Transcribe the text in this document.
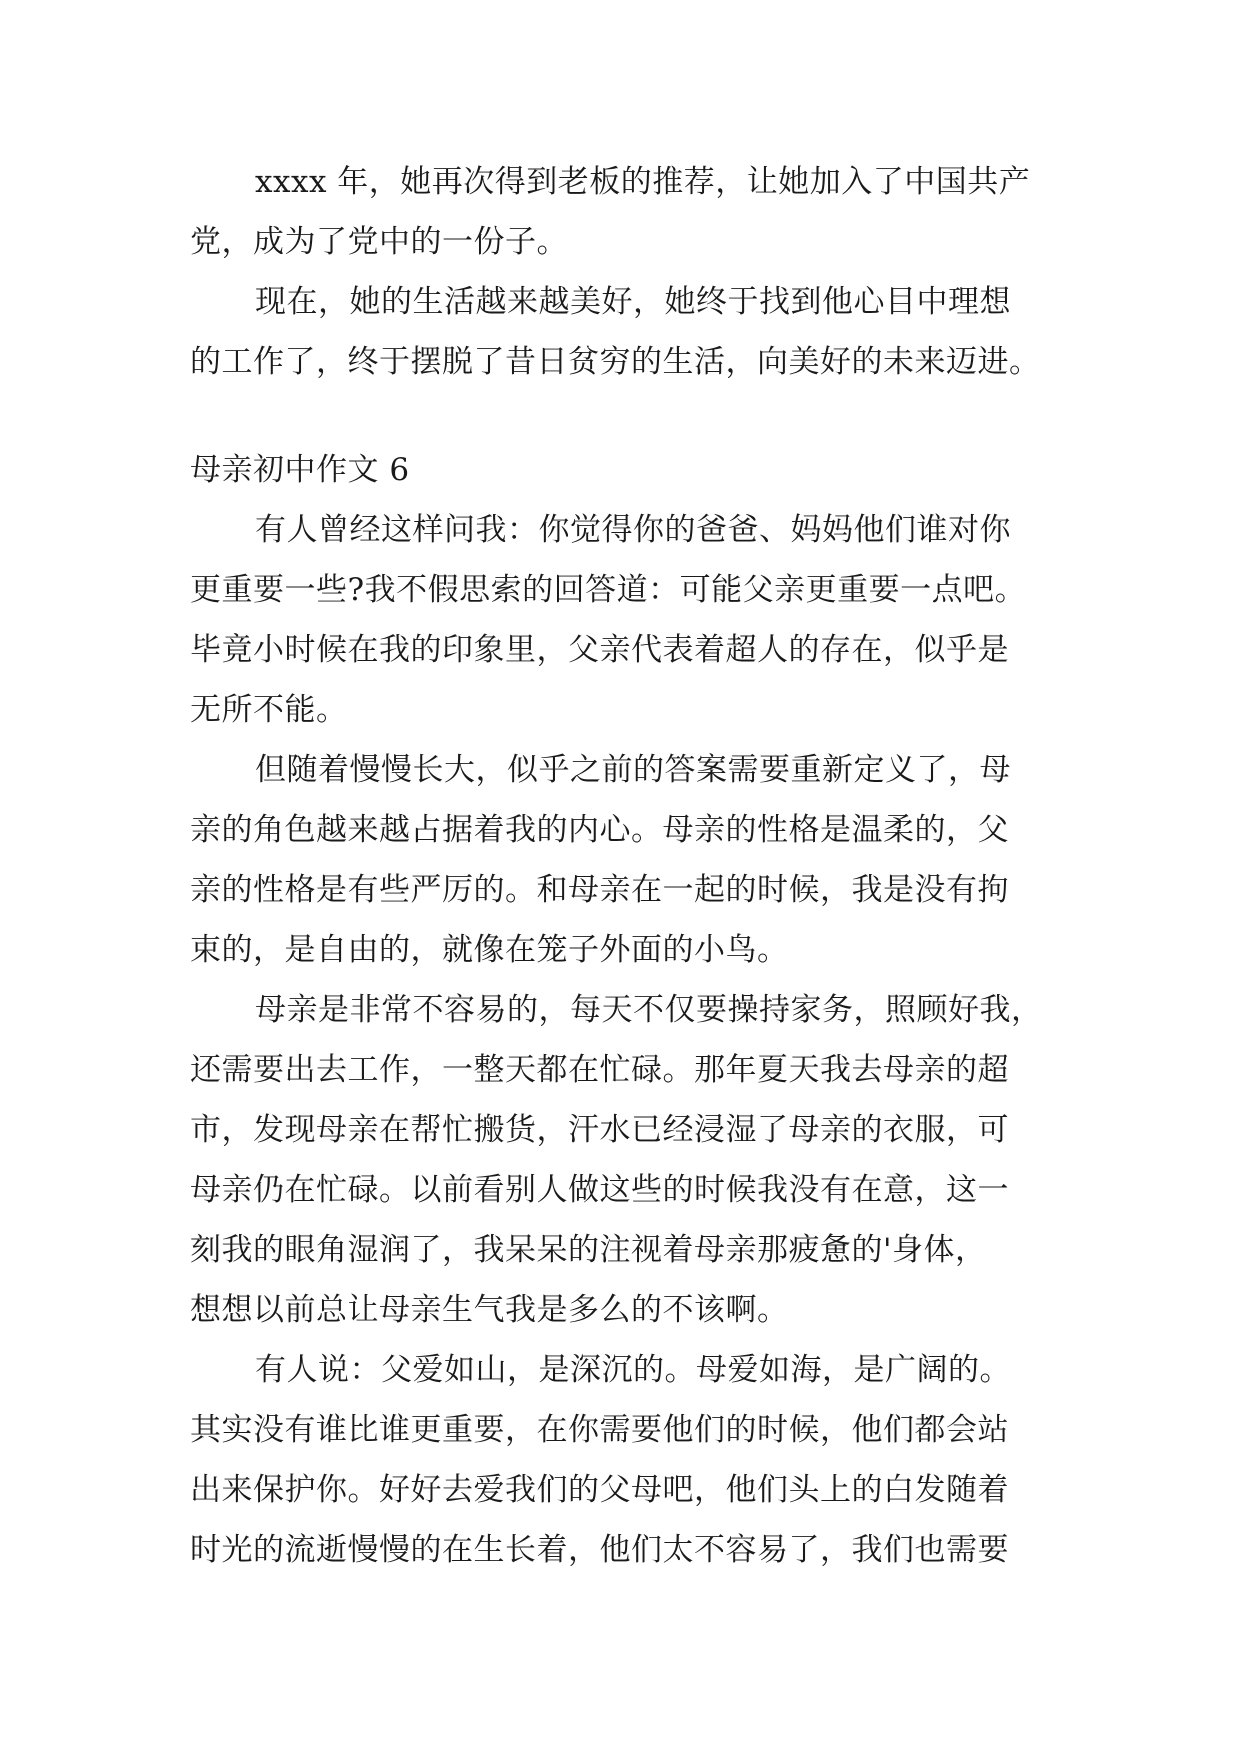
xxxx 年，她再次得到老板的推荐，让她加入了中国共产
党，成为了党中的一份子。
现在，她的生活越来越美好，她终于找到他心目中理想
的工作了，终于摆脱了昔日贫穷的生活，向美好的未来迈进。
母亲初中作文 6
有人曾经这样问我：你觉得你的爸爸、妈妈他们谁对你
更重要一些?我不假思索的回答道：可能父亲更重要一点吧。
毕竟小时候在我的印象里，父亲代表着超人的存在，似乎是
无所不能。
但随着慢慢长大，似乎之前的答案需要重新定义了，母
亲的角色越来越占据着我的内心。母亲的性格是温柔的，父
亲的性格是有些严厉的。和母亲在一起的时候，我是没有拘
束的，是自由的，就像在笼子外面的小鸟。
母亲是非常不容易的，每天不仅要操持家务，照顾好我，
还需要出去工作，一整天都在忙碌。那年夏天我去母亲的超
市，发现母亲在帮忙搬货，汗水已经浸湿了母亲的衣服，可
母亲仍在忙碌。以前看别人做这些的时候我没有在意，这一
刻我的眼角湿润了，我呆呆的注视着母亲那疲惫的'身体，
想想以前总让母亲生气我是多么的不该啊。
有人说：父爱如山，是深沉的。母爱如海，是广阔的。
其实没有谁比谁更重要，在你需要他们的时候，他们都会站
出来保护你。好好去爱我们的父母吧，他们头上的白发随着
时光的流逝慢慢的在生长着，他们太不容易了，我们也需要
